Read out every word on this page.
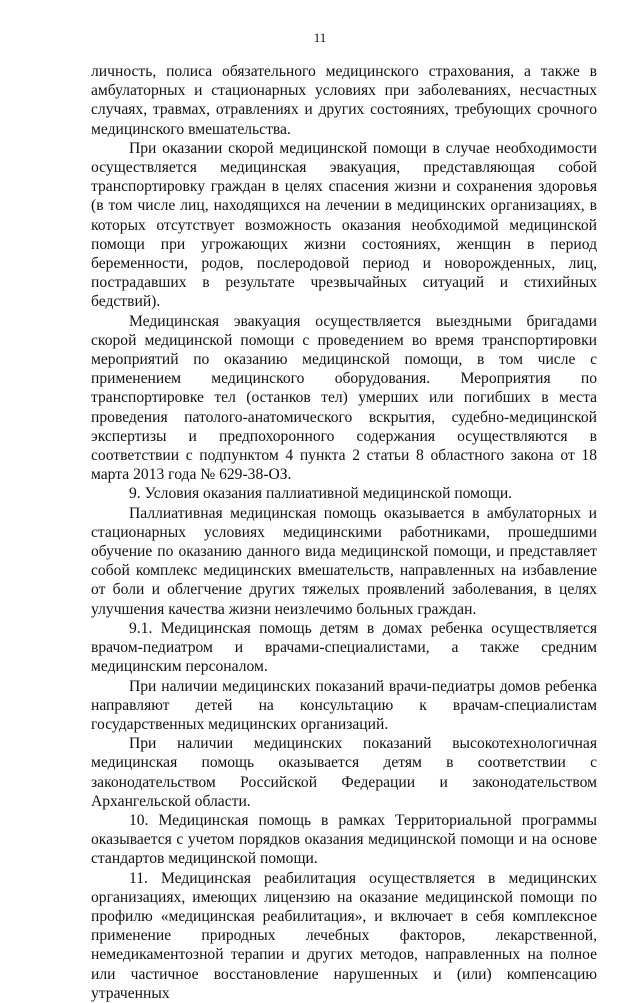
11

личность, полиса обязательного медицинского страхования, а также в амбулаторных и стационарных условиях при заболеваниях, несчастных случаях, травмах, отравлениях и других состояниях, требующих срочного медицинского вмешательства.

При оказании скорой медицинской помощи в случае необходимости осуществляется медицинская эвакуация, представляющая собой транспортировку граждан в целях спасения жизни и сохранения здоровья (в том числе лиц, находящихся на лечении в медицинских организациях, в которых отсутствует возможность оказания необходимой медицинской помощи при угрожающих жизни состояниях, женщин в период беременности, родов, послеродовой период и новорожденных, лиц, пострадавших в результате чрезвычайных ситуаций и стихийных бедствий).

Медицинская эвакуация осуществляется выездными бригадами скорой медицинской помощи с проведением во время транспортировки мероприятий по оказанию медицинской помощи, в том числе с применением медицинского оборудования. Мероприятия по транспортировке тел (останков тел) умерших или погибших в места проведения патолого-анатомического вскрытия, судебно-медицинской экспертизы и предпохоронного содержания осуществляются в соответствии с подпунктом 4 пункта 2 статьи 8 областного закона от 18 марта 2013 года № 629-38-ОЗ.

9. Условия оказания паллиативной медицинской помощи.

Паллиативная медицинская помощь оказывается в амбулаторных и стационарных условиях медицинскими работниками, прошедшими обучение по оказанию данного вида медицинской помощи, и представляет собой комплекс медицинских вмешательств, направленных на избавление от боли и облегчение других тяжелых проявлений заболевания, в целях улучшения качества жизни неизлечимо больных граждан.

9.1. Медицинская помощь детям в домах ребенка осуществляется врачом-педиатром и врачами-специалистами, а также средним медицинским персоналом.

При наличии медицинских показаний врачи-педиатры домов ребенка направляют детей на консультацию к врачам-специалистам государственных медицинских организаций.

При наличии медицинских показаний высокотехнологичная медицинская помощь оказывается детям в соответствии с законодательством Российской Федерации и законодательством Архангельской области.

10. Медицинская помощь в рамках Территориальной программы оказывается с учетом порядков оказания медицинской помощи и на основе стандартов медицинской помощи.

11. Медицинская реабилитация осуществляется в медицинских организациях, имеющих лицензию на оказание медицинской помощи по профилю «медицинская реабилитация», и включает в себя комплексное применение природных лечебных факторов, лекарственной, немедикаментозной терапии и других методов, направленных на полное или частичное восстановление нарушенных и (или) компенсацию утраченных
